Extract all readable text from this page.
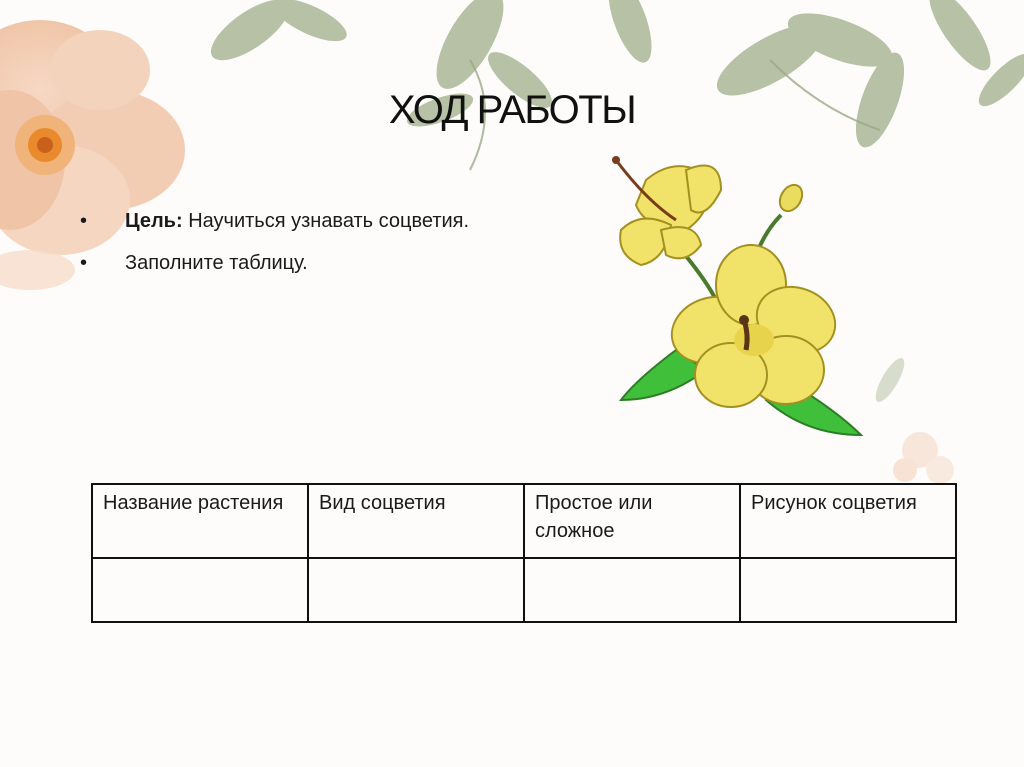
ХОД РАБОТЫ
•	Цель: Научиться узнавать соцветия.
•	Заполните таблицу.
Название растения	Вид соцветия	Простое или сложное	Рисунок соцветия
